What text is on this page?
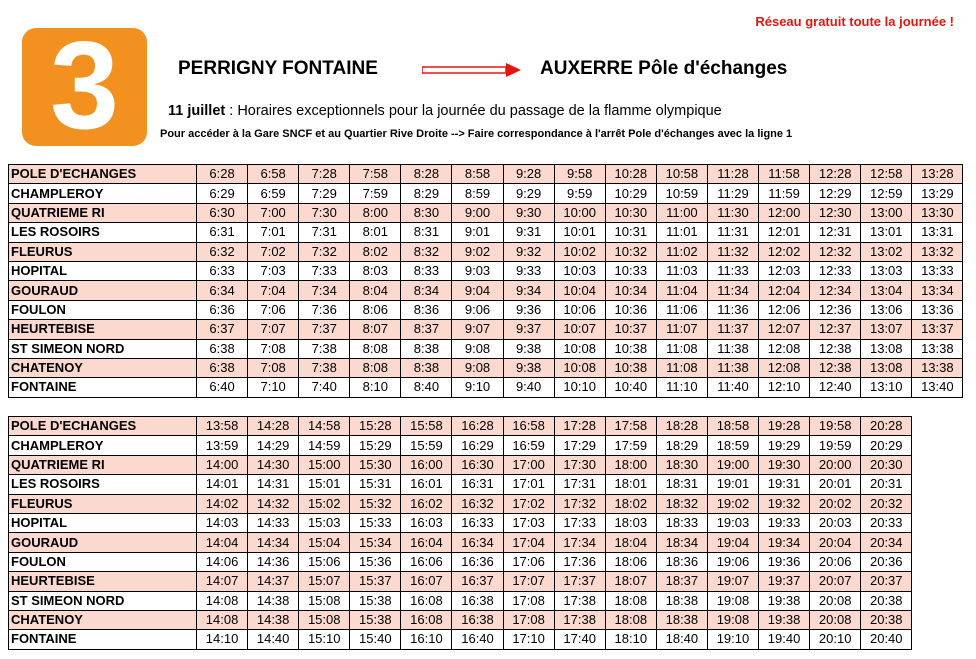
Réseau gratuit toute la journée !
3	PERRIGNY FONTAINE	AUXERRE Pôle d'échanges
11 juillet : Horaires exceptionnels pour la journée du passage de la flamme olympique
Pour accéder à la Gare SNCF et au Quartier Rive Droite --> Faire correspondance à l'arrêt Pole d'échanges avec la ligne 1
POLE D'ECHANGES	6:28	6:58	7:28	7:58	8:28	8:58	9:28	9:58	10:28	10:58	11:28	11:58	12:28	12:58	13:28
CHAMPLEROY	6:29	6:59	7:29	7:59	8:29	8:59	9:29	9:59	10:29	10:59	11:29	11:59	12:29	12:59	13:29
QUATRIEME RI	6:30	7:00	7:30	8:00	8:30	9:00	9:30	10:00	10:30	11:00	11:30	12:00	12:30	13:00	13:30
LES ROSOIRS	6:31	7:01	7:31	8:01	8:31	9:01	9:31	10:01	10:31	11:01	11:31	12:01	12:31	13:01	13:31
FLEURUS	6:32	7:02	7:32	8:02	8:32	9:02	9:32	10:02	10:32	11:02	11:32	12:02	12:32	13:02	13:32
HOPITAL	6:33	7:03	7:33	8:03	8:33	9:03	9:33	10:03	10:33	11:03	11:33	12:03	12:33	13:03	13:33
GOURAUD	6:34	7:04	7:34	8:04	8:34	9:04	9:34	10:04	10:34	11:04	11:34	12:04	12:34	13:04	13:34
FOULON	6:36	7:06	7:36	8:06	8:36	9:06	9:36	10:06	10:36	11:06	11:36	12:06	12:36	13:06	13:36
HEURTEBISE	6:37	7:07	7:37	8:07	8:37	9:07	9:37	10:07	10:37	11:07	11:37	12:07	12:37	13:07	13:37
ST SIMEON NORD	6:38	7:08	7:38	8:08	8:38	9:08	9:38	10:08	10:38	11:08	11:38	12:08	12:38	13:08	13:38
CHATENOY	6:38	7:08	7:38	8:08	8:38	9:08	9:38	10:08	10:38	11:08	11:38	12:08	12:38	13:08	13:38
FONTAINE	6:40	7:10	7:40	8:10	8:40	9:10	9:40	10:10	10:40	11:10	11:40	12:10	12:40	13:10	13:40
POLE D'ECHANGES	13:58	14:28	14:58	15:28	15:58	16:28	16:58	17:28	17:58	18:28	18:58	19:28	19:58	20:28
CHAMPLEROY	13:59	14:29	14:59	15:29	15:59	16:29	16:59	17:29	17:59	18:29	18:59	19:29	19:59	20:29
QUATRIEME RI	14:00	14:30	15:00	15:30	16:00	16:30	17:00	17:30	18:00	18:30	19:00	19:30	20:00	20:30
LES ROSOIRS	14:01	14:31	15:01	15:31	16:01	16:31	17:01	17:31	18:01	18:31	19:01	19:31	20:01	20:31
FLEURUS	14:02	14:32	15:02	15:32	16:02	16:32	17:02	17:32	18:02	18:32	19:02	19:32	20:02	20:32
HOPITAL	14:03	14:33	15:03	15:33	16:03	16:33	17:03	17:33	18:03	18:33	19:03	19:33	20:03	20:33
GOURAUD	14:04	14:34	15:04	15:34	16:04	16:34	17:04	17:34	18:04	18:34	19:04	19:34	20:04	20:34
FOULON	14:06	14:36	15:06	15:36	16:06	16:36	17:06	17:36	18:06	18:36	19:06	19:36	20:06	20:36
HEURTEBISE	14:07	14:37	15:07	15:37	16:07	16:37	17:07	17:37	18:07	18:37	19:07	19:37	20:07	20:37
ST SIMEON NORD	14:08	14:38	15:08	15:38	16:08	16:38	17:08	17:38	18:08	18:38	19:08	19:38	20:08	20:38
CHATENOY	14:08	14:38	15:08	15:38	16:08	16:38	17:08	17:38	18:08	18:38	19:08	19:38	20:08	20:38
FONTAINE	14:10	14:40	15:10	15:40	16:10	16:40	17:10	17:40	18:10	18:40	19:10	19:40	20:10	20:40
